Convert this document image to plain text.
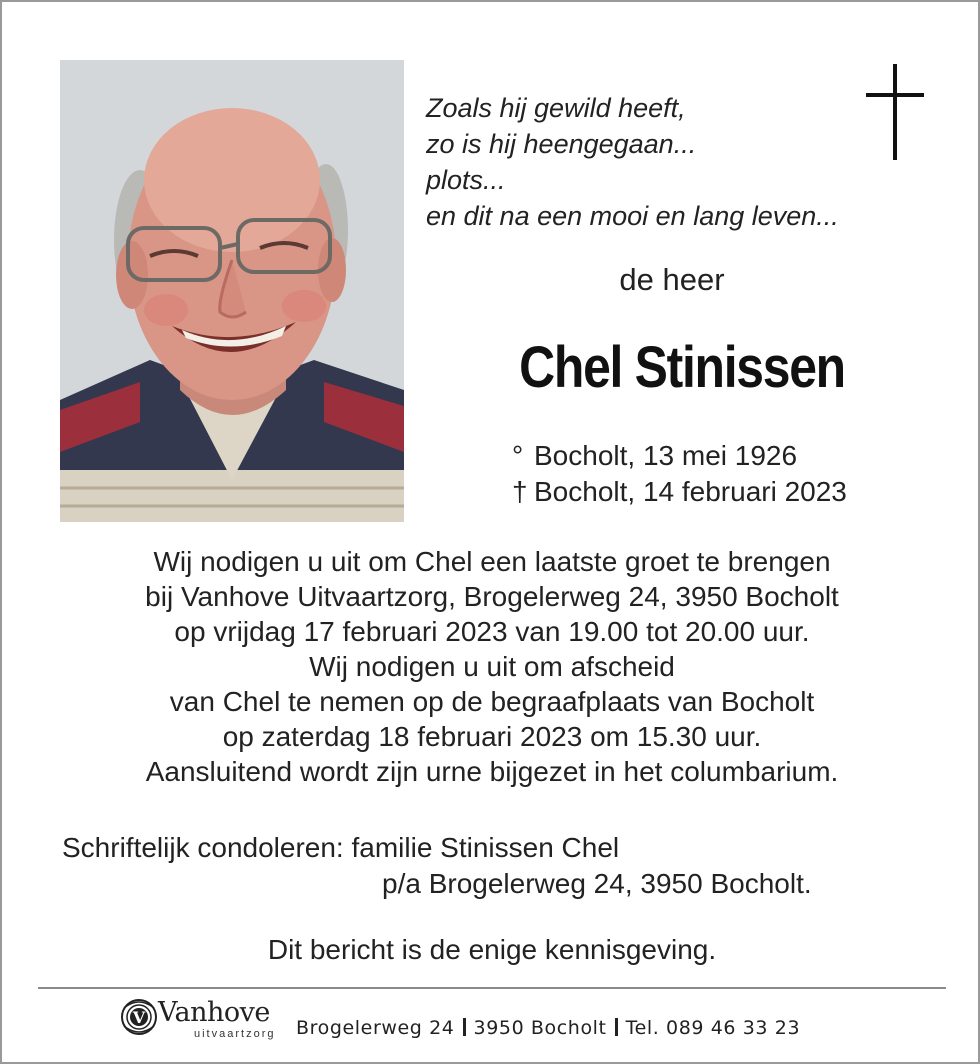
Zoals hij gewild heeft,
zo is hij heengegaan...
plots...
en dit na een mooi en lang leven...
de heer
Chel Stinissen
° Bocholt, 13 mei 1926
† Bocholt, 14 februari 2023
Wij nodigen u uit om Chel een laatste groet te brengen
bij Vanhove Uitvaartzorg, Brogelerweg 24, 3950 Bocholt
op vrijdag 17 februari 2023 van 19.00 tot 20.00 uur.
Wij nodigen u uit om afscheid
van Chel te nemen op de begraafplaats van Bocholt
op zaterdag 18 februari 2023 om 15.30 uur.
Aansluitend wordt zijn urne bijgezet in het columbarium.
Schriftelijk condoleren: familie Stinissen Chel
p/a Brogelerweg 24, 3950 Bocholt.
Dit bericht is de enige kennisgeving.
V Vanhove
uitvaartzorg Brogelerweg 24 3950 Bocholt Tel. 089 46 33 23
